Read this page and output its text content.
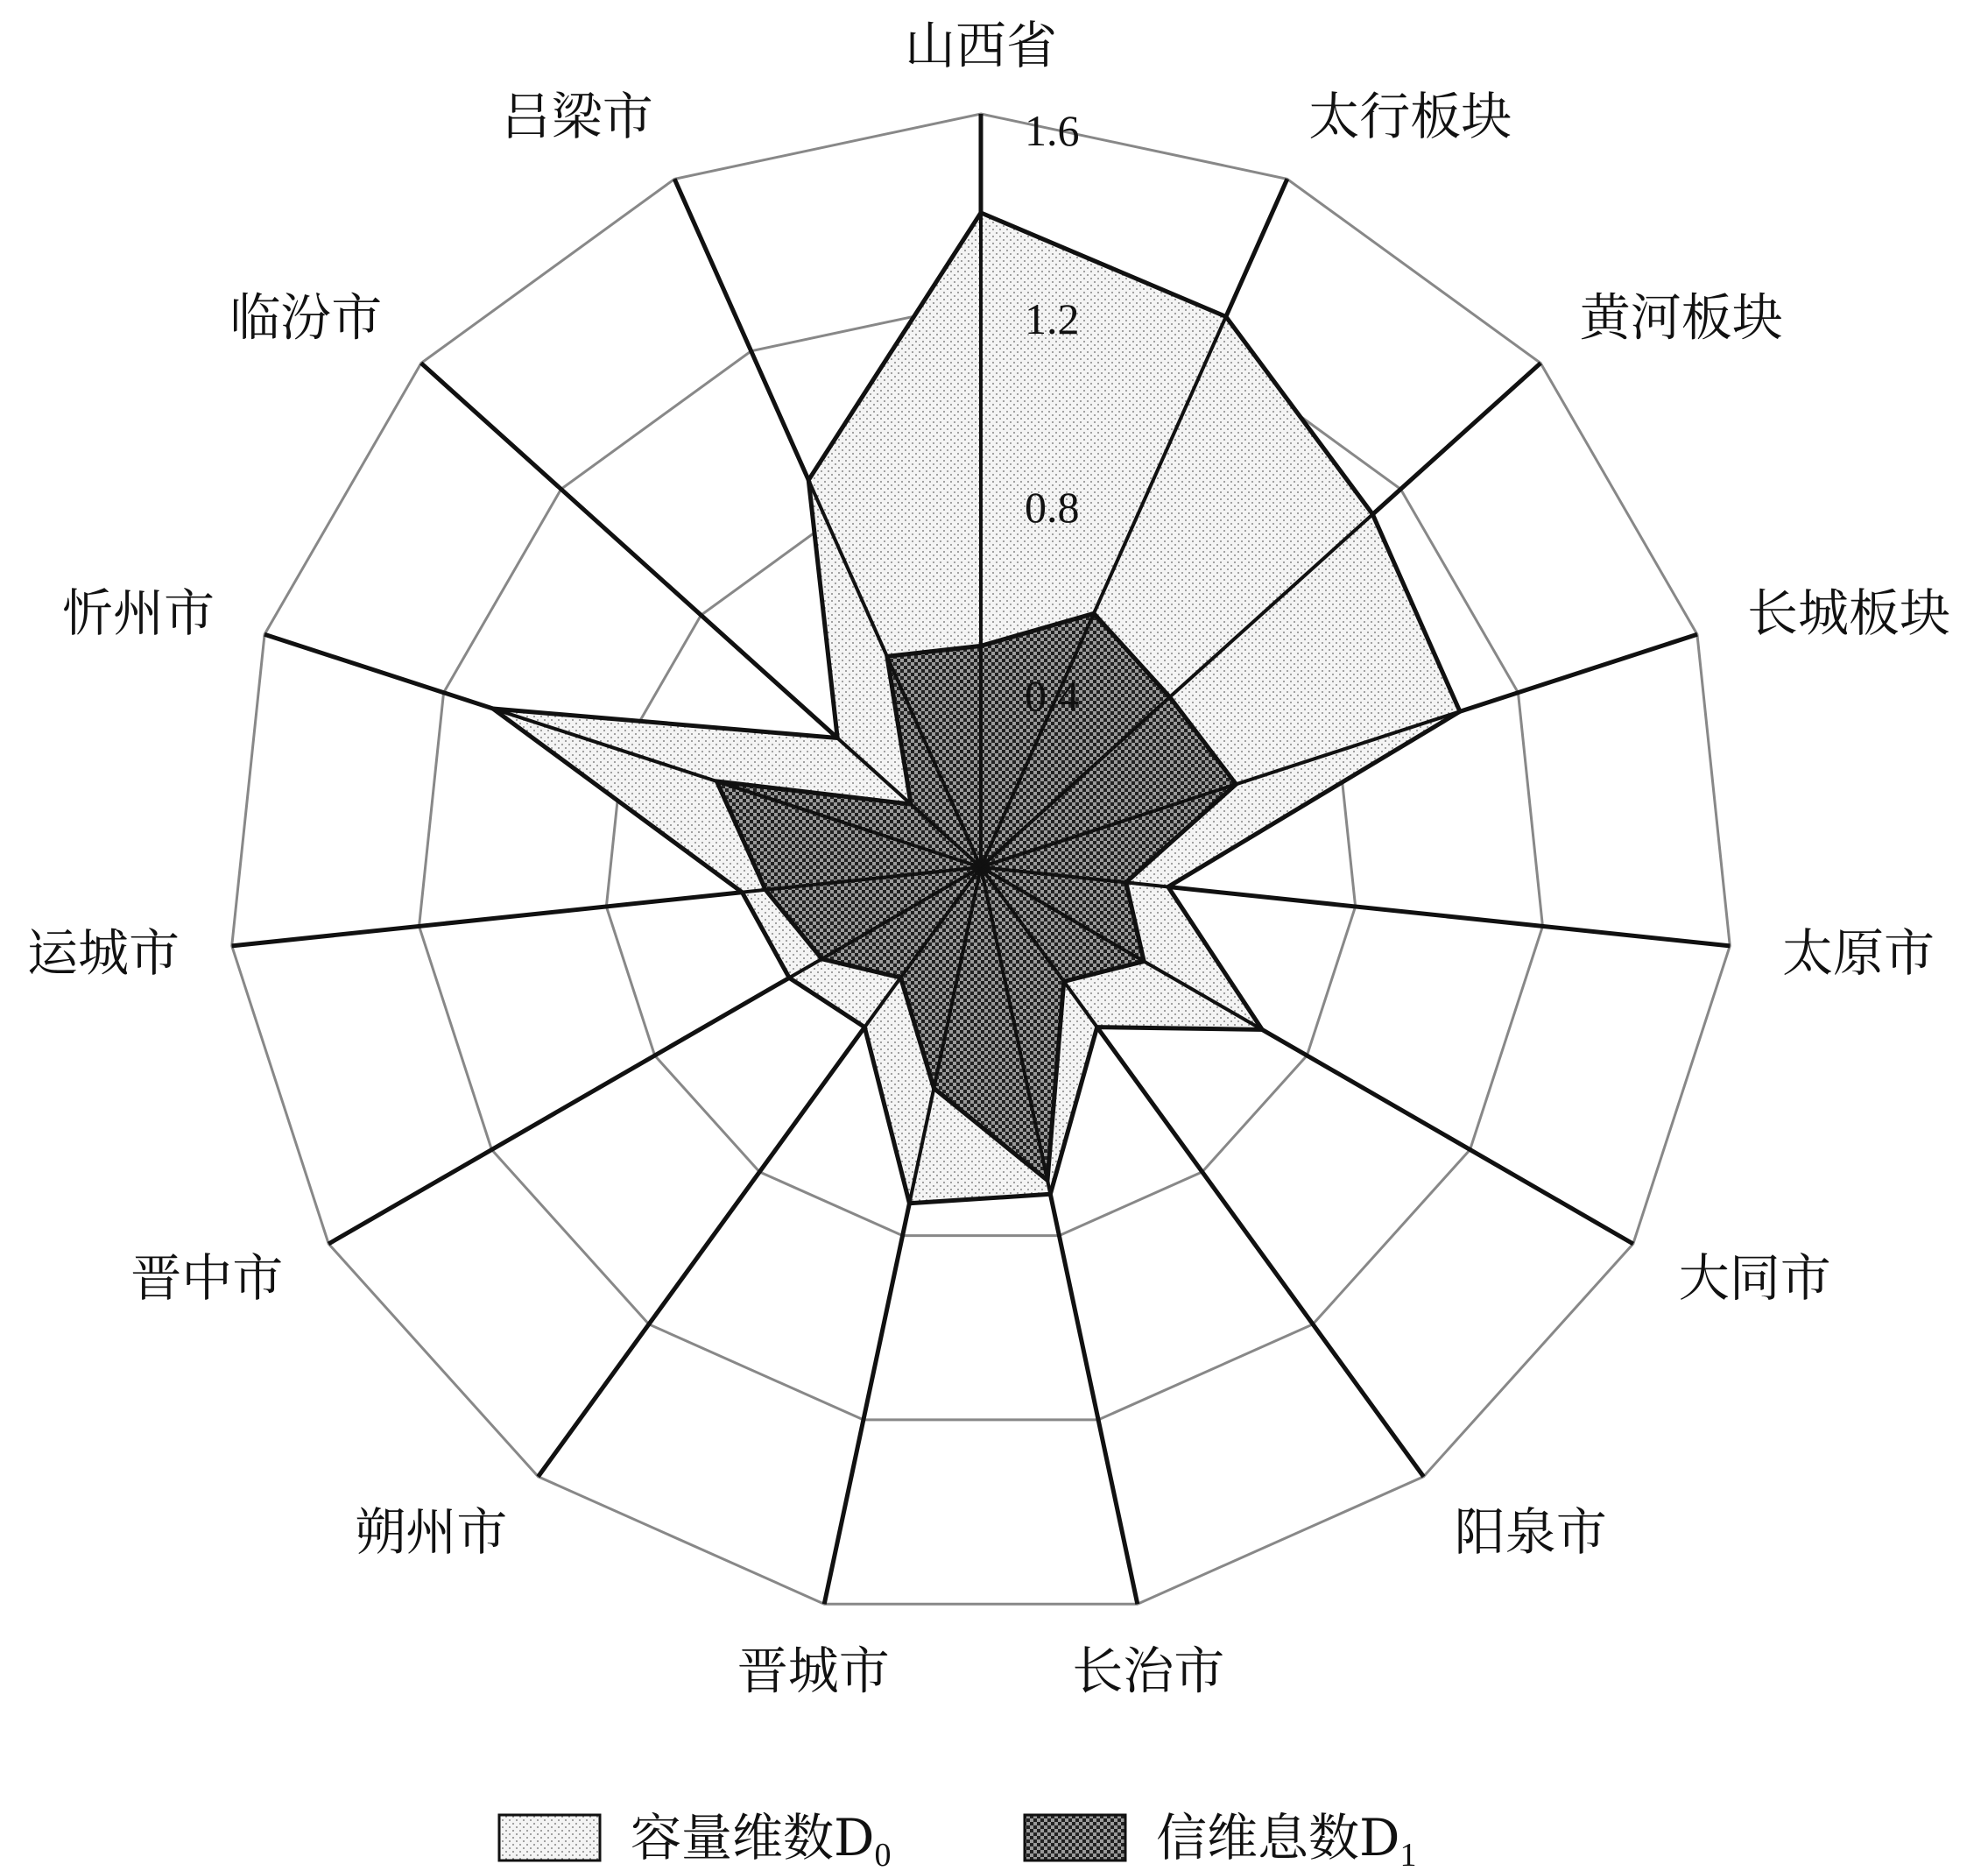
0.4
0.8
1.2
1.6
山西省
太行板块
黄河板块
长城板块
太原市
大同市
阳泉市
长治市
晋城市
朔州市
晋中市
运城市
忻州市
临汾市
吕梁市
容量维数$D_0$	信维息数$D_1$
